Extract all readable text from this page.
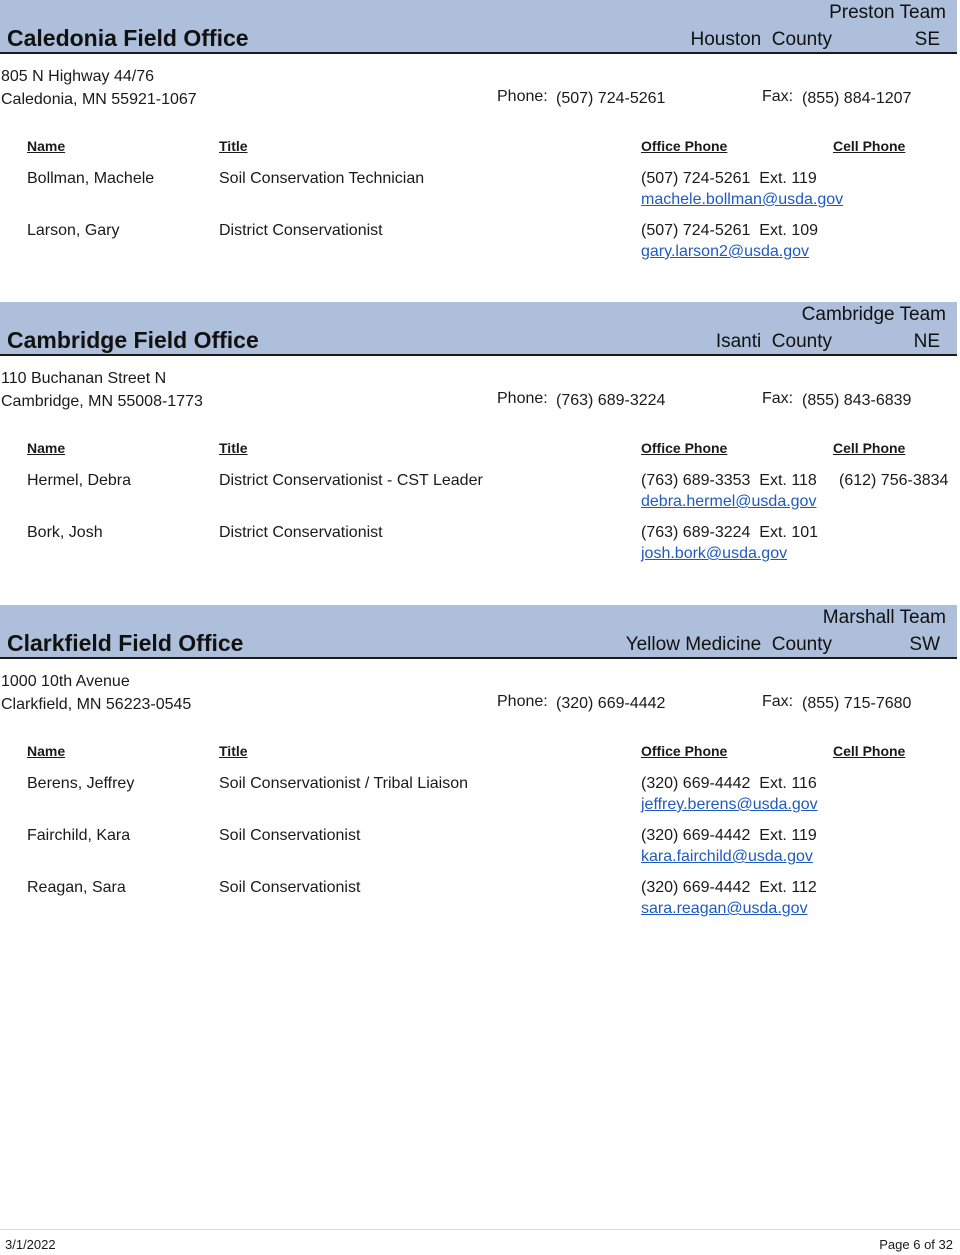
Caledonia Field Office
Preston Team
Houston  County	SE
805 N Highway 44/76
Caledonia, MN 55921-1067	Phone: (507) 724-5261	Fax: (855) 884-1207
Name	Title	Office Phone	Cell Phone
Bollman, Machele	Soil Conservation Technician	(507) 724-5261  Ext. 119
machele.bollman@usda.gov
Larson, Gary	District Conservationist	(507) 724-5261  Ext. 109
gary.larson2@usda.gov
Cambridge Field Office
Cambridge Team
Isanti  County	NE
110 Buchanan Street N
Cambridge, MN 55008-1773	Phone: (763) 689-3224	Fax: (855) 843-6839
Name	Title	Office Phone	Cell Phone
Hermel, Debra	District Conservationist - CST Leader	(763) 689-3353  Ext. 118 (612) 756-3834
debra.hermel@usda.gov
Bork, Josh	District Conservationist	(763) 689-3224  Ext. 101
josh.bork@usda.gov
Clarkfield Field Office
Marshall Team
Yellow Medicine  County	SW
1000 10th Avenue
Clarkfield, MN 56223-0545	Phone: (320) 669-4442	Fax: (855) 715-7680
Name	Title	Office Phone	Cell Phone
Berens, Jeffrey	Soil Conservationist / Tribal Liaison	(320) 669-4442  Ext. 116
jeffrey.berens@usda.gov
Fairchild, Kara	Soil Conservationist	(320) 669-4442  Ext. 119
kara.fairchild@usda.gov
Reagan, Sara	Soil Conservationist	(320) 669-4442  Ext. 112
sara.reagan@usda.gov
3/1/2022	Page 6 of 32
